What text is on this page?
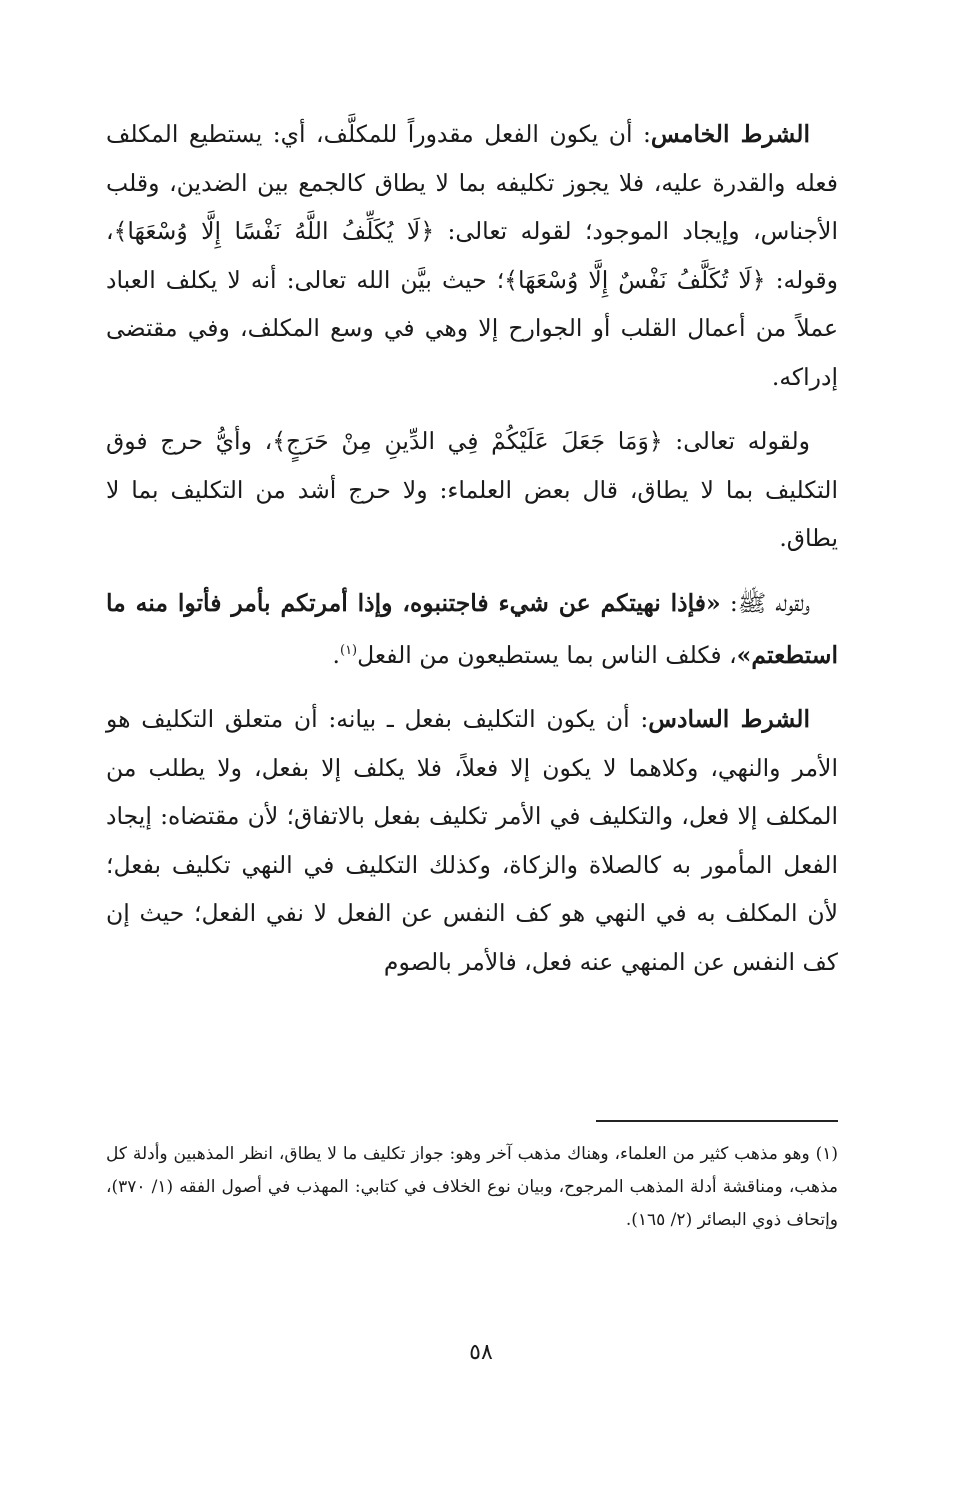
الشرط الخامس: أن يكون الفعل مقدوراً للمكلَّف، أي: يستطيع المكلف فعله والقدرة عليه، فلا يجوز تكليفه بما لا يطاق كالجمع بين الضدين، وقلب الأجناس، وإيجاد الموجود؛ لقوله تعالى: ﴿لَا يُكَلِّفُ اللَّهُ نَفْسًا إِلَّا وُسْعَهَا﴾، وقوله: ﴿لَا تُكَلَّفُ نَفْسٌ إِلَّا وُسْعَهَا﴾؛ حيث بيَّن الله تعالى: أنه لا يكلف العباد عملاً من أعمال القلب أو الجوارح إلا وهي في وسع المكلف، وفي مقتضى إدراكه.

ولقوله تعالى: ﴿وَمَا جَعَلَ عَلَيْكُمْ فِي الدِّينِ مِنْ حَرَجٍ﴾، وأيُّ حرج فوق التكليف بما لا يطاق، قال بعض العلماء: ولا حرج أشد من التكليف بما لا يطاق.

ولقوله ﷺ: «فإذا نهيتكم عن شيء فاجتنبوه، وإذا أمرتكم بأمر فأتوا منه ما استطعتم»، فكلف الناس بما يستطيعون من الفعل$^{(١)}$.

الشرط السادس: أن يكون التكليف بفعل ـ بيانه: أن متعلق التكليف هو الأمر والنهي، وكلاهما لا يكون إلا فعلاً، فلا يكلف إلا بفعل، ولا يطلب من المكلف إلا فعل، والتكليف في الأمر تكليف بفعل بالاتفاق؛ لأن مقتضاه: إيجاد الفعل المأمور به كالصلاة والزكاة، وكذلك التكليف في النهي تكليف بفعل؛ لأن المكلف به في النهي هو كف النفس عن الفعل لا نفي الفعل؛ حيث إن كف النفس عن المنهي عنه فعل، فالأمر بالصوم

(١) وهو مذهب كثير من العلماء، وهناك مذهب آخر وهو: جواز تكليف ما لا يطاق، انظر المذهبين وأدلة كل مذهب، ومناقشة أدلة المذهب المرجوح، وبيان نوع الخلاف في كتابي: المهذب في أصول الفقه (١/ ٣٧٠)، وإتحاف ذوي البصائر (٢/ ١٦٥).

٥٨
